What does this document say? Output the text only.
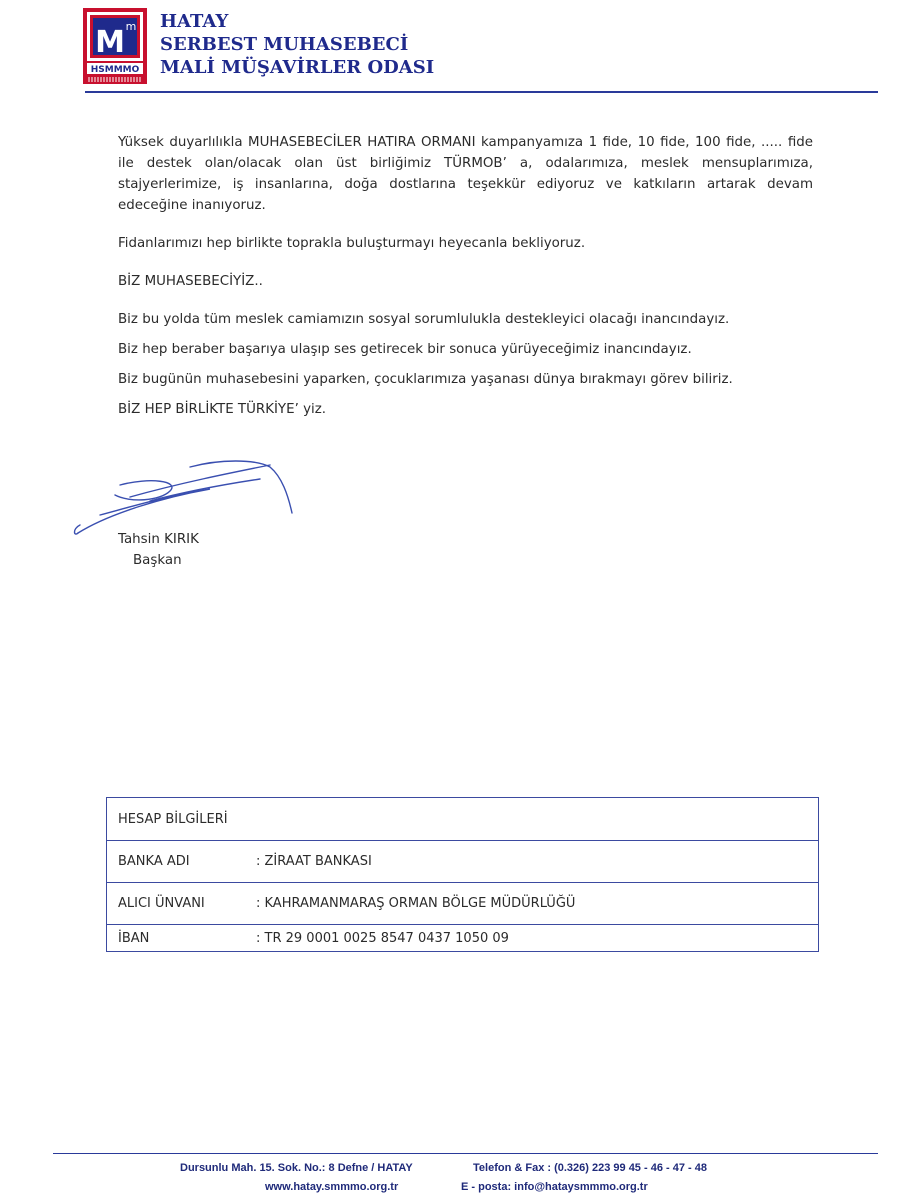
M m
HSMMMO
HATAY
SERBEST MUHASEBECİ
MALİ MÜŞAVİRLER ODASI

Yüksek duyarlılıkla MUHASEBECİLER HATIRA ORMANI kampanyamıza 1 fide, 10 fide, 100 fide, ..... fide ile destek olan/olacak olan üst birliğimiz TÜRMOB’ a, odalarımıza, meslek mensuplarımıza, stajyerlerimize, iş insanlarına, doğa dostlarına teşekkür ediyoruz ve katkıların artarak devam edeceğine inanıyoruz.

Fidanlarımızı hep birlikte toprakla buluşturmayı heyecanla bekliyoruz.

BİZ MUHASEBECİYİZ..

Biz bu yolda tüm meslek camiamızın sosyal sorumlulukla destekleyici olacağı inancındayız.

Biz hep beraber başarıya ulaşıp ses getirecek bir sonuca yürüyeceğimiz inancındayız.

Biz bugünün muhasebesini yaparken, çocuklarımıza yaşanası dünya bırakmayı görev biliriz.

BİZ HEP BİRLİKTE TÜRKİYE’ yiz.

Tahsin KIRIK
Başkan
HESAP BİLGİLERİ	
BANKA ADI	: ZİRAAT BANKASI
ALICI ÜNVANI	: KAHRAMANMARAŞ ORMAN BÖLGE MÜDÜRLÜĞÜ
İBAN	: TR 29 0001 0025 8547 0437 1050 09
Dursunlu Mah. 15. Sok. No.: 8 Defne / HATAY	Telefon & Fax : (0.326) 223 99 45 - 46 - 47 - 48
www.hatay.smmmo.org.tr	E - posta: info@hataysmmmo.org.tr
